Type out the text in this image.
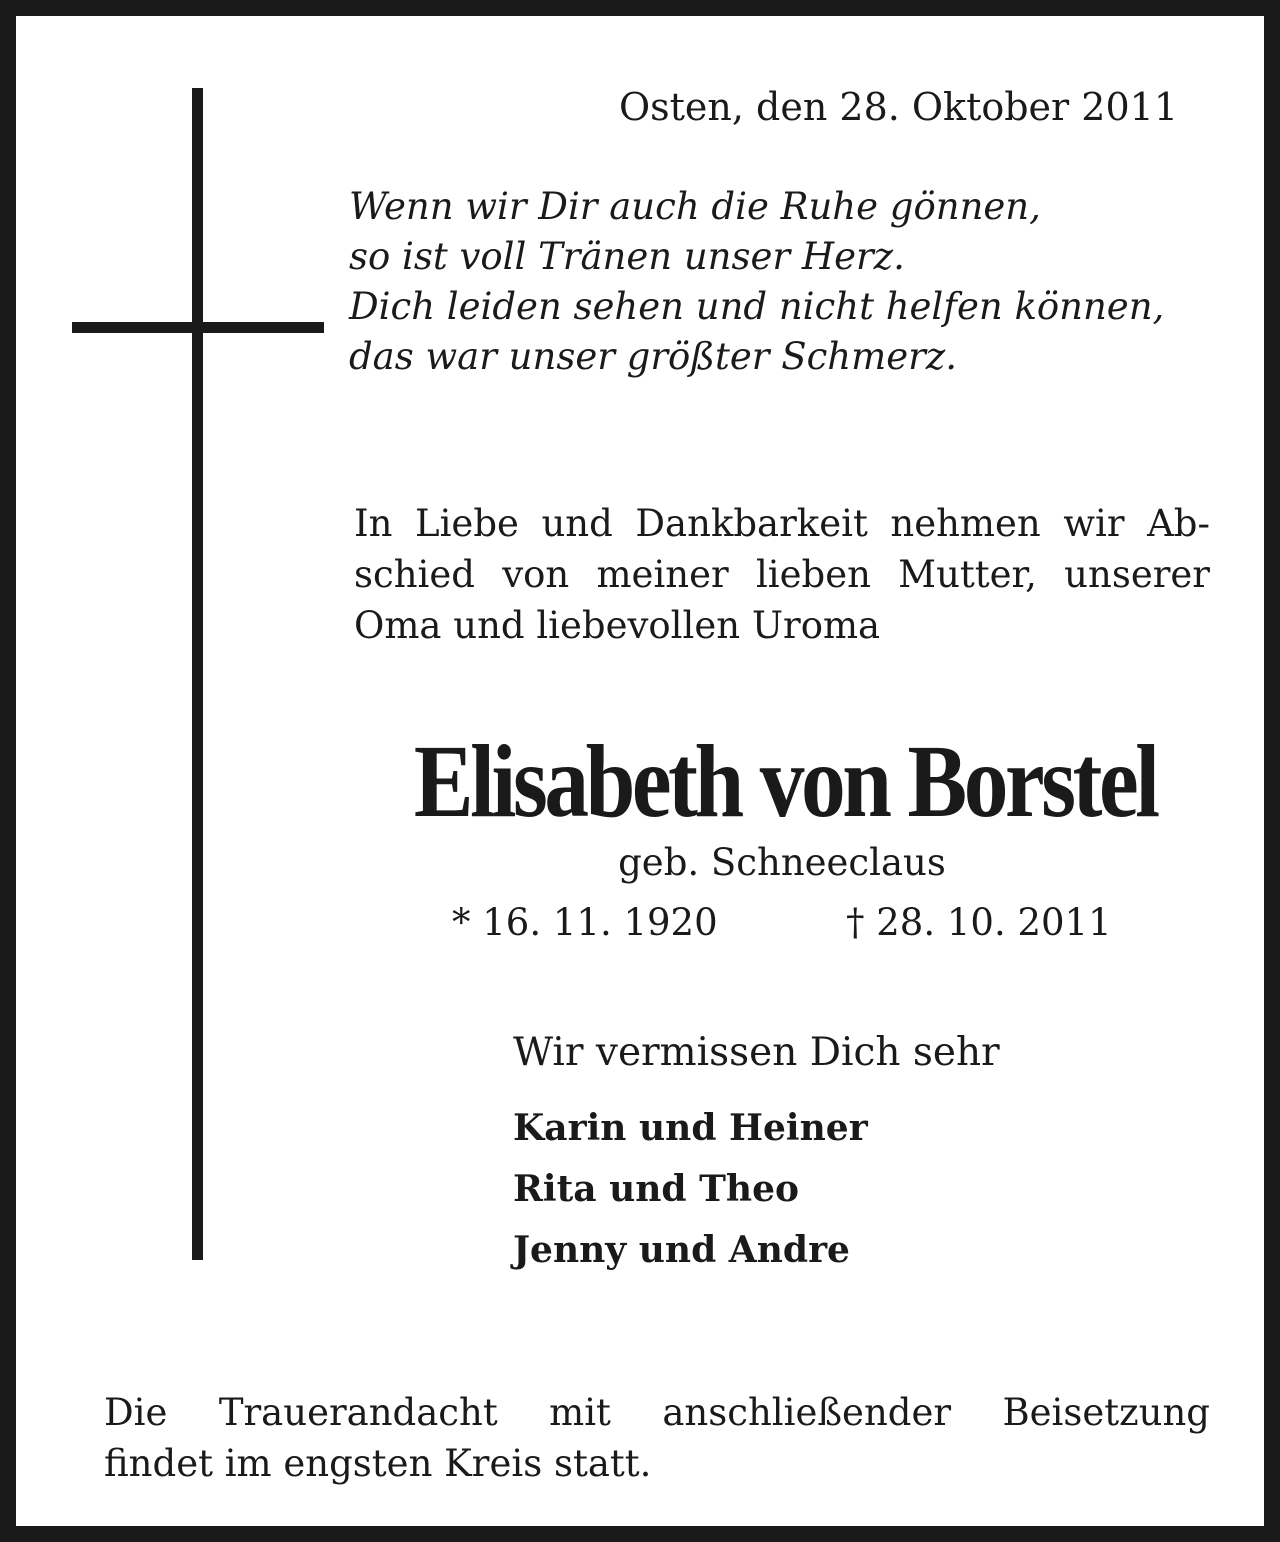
Osten, den 28. Oktober 2011
Wenn wir Dir auch die Ruhe gönnen,
so ist voll Tränen unser Herz.
Dich leiden sehen und nicht helfen können,
das war unser größter Schmerz.
In Liebe und Dankbarkeit nehmen wir Ab-
schied von meiner lieben Mutter, unserer
Oma und liebevollen Uroma
Elisabeth von Borstel
geb. Schneeclaus
* 16. 11. 1920	† 28. 10. 2011
Wir vermissen Dich sehr
Karin und Heiner
Rita und Theo
Jenny und Andre
Die Trauerandacht mit anschließender Beisetzung
findet im engsten Kreis statt.
